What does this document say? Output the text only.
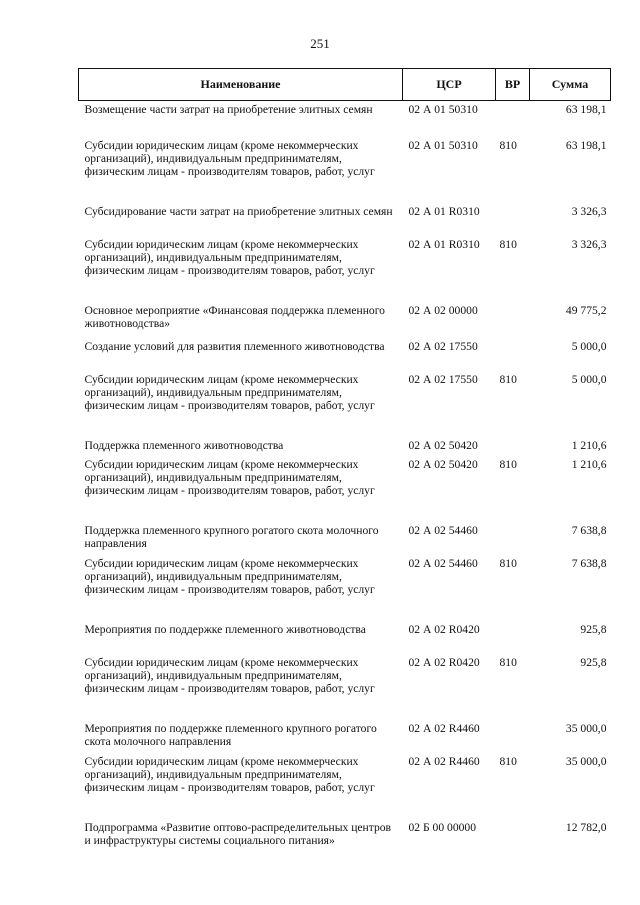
251
Наименование	ЦСР	ВР	Сумма
Возмещение части затрат на приобретение элитных семян	02 А 01 50310		63 198,1
Субсидии юридическим лицам (кроме некоммерческих организаций), индивидуальным предпринимателям, физическим лицам - производителям товаров, работ, услуг	02 А 01 50310	810	63 198,1
Субсидирование части затрат на приобретение элитных семян	02 А 01 R0310		3 326,3
Субсидии юридическим лицам (кроме некоммерческих организаций), индивидуальным предпринимателям, физическим лицам - производителям товаров, работ, услуг	02 А 01 R0310	810	3 326,3
Основное мероприятие «Финансовая поддержка племенного животноводства»	02 А 02 00000		49 775,2
Создание условий для развития племенного животноводства	02 А 02 17550		5 000,0
Субсидии юридическим лицам (кроме некоммерческих организаций), индивидуальным предпринимателям, физическим лицам - производителям товаров, работ, услуг	02 А 02 17550	810	5 000,0
Поддержка племенного животноводства	02 А 02 50420		1 210,6
Субсидии юридическим лицам (кроме некоммерческих организаций), индивидуальным предпринимателям, физическим лицам - производителям товаров, работ, услуг	02 А 02 50420	810	1 210,6
Поддержка племенного крупного рогатого скота молочного направления	02 А 02 54460		7 638,8
Субсидии юридическим лицам (кроме некоммерческих организаций), индивидуальным предпринимателям, физическим лицам - производителям товаров, работ, услуг	02 А 02 54460	810	7 638,8
Мероприятия по поддержке племенного животноводства	02 А 02 R0420		925,8
Субсидии юридическим лицам (кроме некоммерческих организаций), индивидуальным предпринимателям, физическим лицам - производителям товаров, работ, услуг	02 А 02 R0420	810	925,8
Мероприятия по поддержке племенного крупного рогатого скота молочного направления	02 А 02 R4460		35 000,0
Субсидии юридическим лицам (кроме некоммерческих организаций), индивидуальным предпринимателям, физическим лицам - производителям товаров, работ, услуг	02 А 02 R4460	810	35 000,0
Подпрограмма «Развитие оптово-распределительных центров и инфраструктуры системы социального питания»	02 Б 00 00000		12 782,0
